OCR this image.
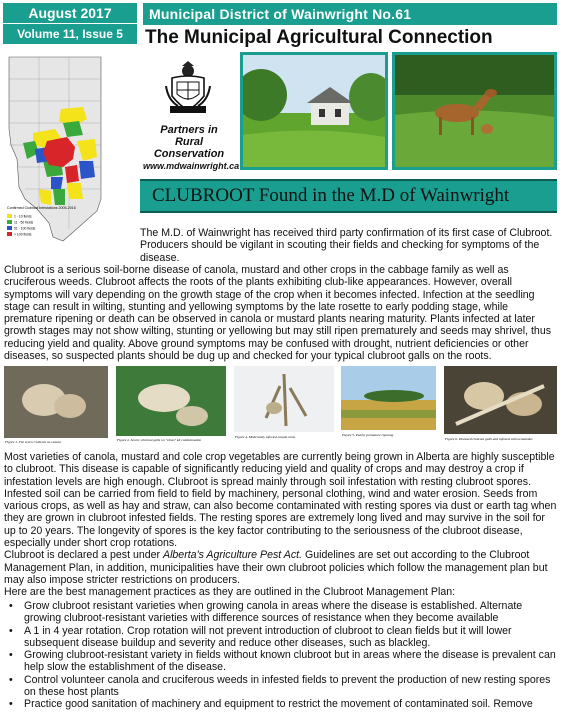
August 2017
Volume 11, Issue 5
Municipal District of Wainwright No.61
The Municipal Agricultural Connection
Confirmed Clubroot Infestations 2005-2016
1 - 10 fields
11 - 50 fields
51 - 100 fields
> 100 fields
Partners in
Rural
Conservation
www.mdwainwright.ca
CLUBROOT Found in the M.D of Wainwright

The M.D. of Wainwright has received third party confirmation of its first case of Clubroot. Producers should be vigilant in scouting their fields and checking for symptoms of the disease.

Clubroot is a serious soil-borne disease of canola, mustard and other crops in the cabbage family as well as cruciferous weeds. Clubroot affects the roots of the plants exhibiting club-like appearances. However, overall symptoms will vary depending on the growth stage of the crop when it becomes infected. Infection at the seedling stage can result in wilting, stunting and yellowing symptoms by the late rosette to early podding stage, while premature ripening or death can be observed in canola or mustard plants nearing maturity. Plants infected at later growth stages may not show wilting, stunting or yellowing but may still ripen prematurely and seeds may shrivel, thus reducing yield and quality. Above ground symptoms may be confused with drought, nutrient deficiencies or other diseases, so suspected plants should be dug up and checked for your typical clubroot galls on the roots.

Figure 1. The seven Clubroot on canola	Figure 2. Severe clubroot galls on "clean" kit condemnation
Figure 4. Moderately infected canola roots	Figure 5. Patchy premature ripening
Figure 6. Diseased clubroot galls and infested with nematodes

Most varieties of canola, mustard and cole crop vegetables are currently being grown in Alberta are highly susceptible to clubroot. This disease is capable of significantly reducing yield and quality of crops and may destroy a crop if infestation levels are high enough. Clubroot is spread mainly through soil infestation with resting clubroot spores. Infested soil can be carried from field to field by machinery, personal clothing, wind and water erosion. Seeds from various crops, as well as hay and straw, can also become contaminated with resting spores via dust or earth tag when they are grown in clubroot infested fields. The resting spores are extremely long lived and may survive in the soil for up to 20 years. The longevity of spores is the key factor contributing to the seriousness of the clubroot disease, especially under short crop rotations.

Clubroot is declared a pest under Alberta's Agriculture Pest Act. Guidelines are set out according to the Clubroot Management Plan, in addition, municipalities have their own clubroot policies which follow the management plan but may also impose stricter restrictions on producers.

Here are the best management practices as they are outlined in the Clubroot Management Plan:

• Grow clubroot resistant varieties when growing canola in areas where the disease is established. Alternate growing clubroot-resistant varieties with difference sources of resistance when they become available
• A 1 in 4 year rotation. Crop rotation will not prevent introduction of clubroot to clean fields but it will lower subsequent disease buildup and severity and reduce other diseases, such as blackleg.
• Growing clubroot-resistant variety in fields without known clubroot but in areas where the disease is prevalent can help slow the establishment of the disease.
• Control volunteer canola and cruciferous weeds in infested fields to prevent the production of new resting spores on these host plants
• Practice good sanitation of machinery and equipment to restrict the movement of contaminated soil. Remove
